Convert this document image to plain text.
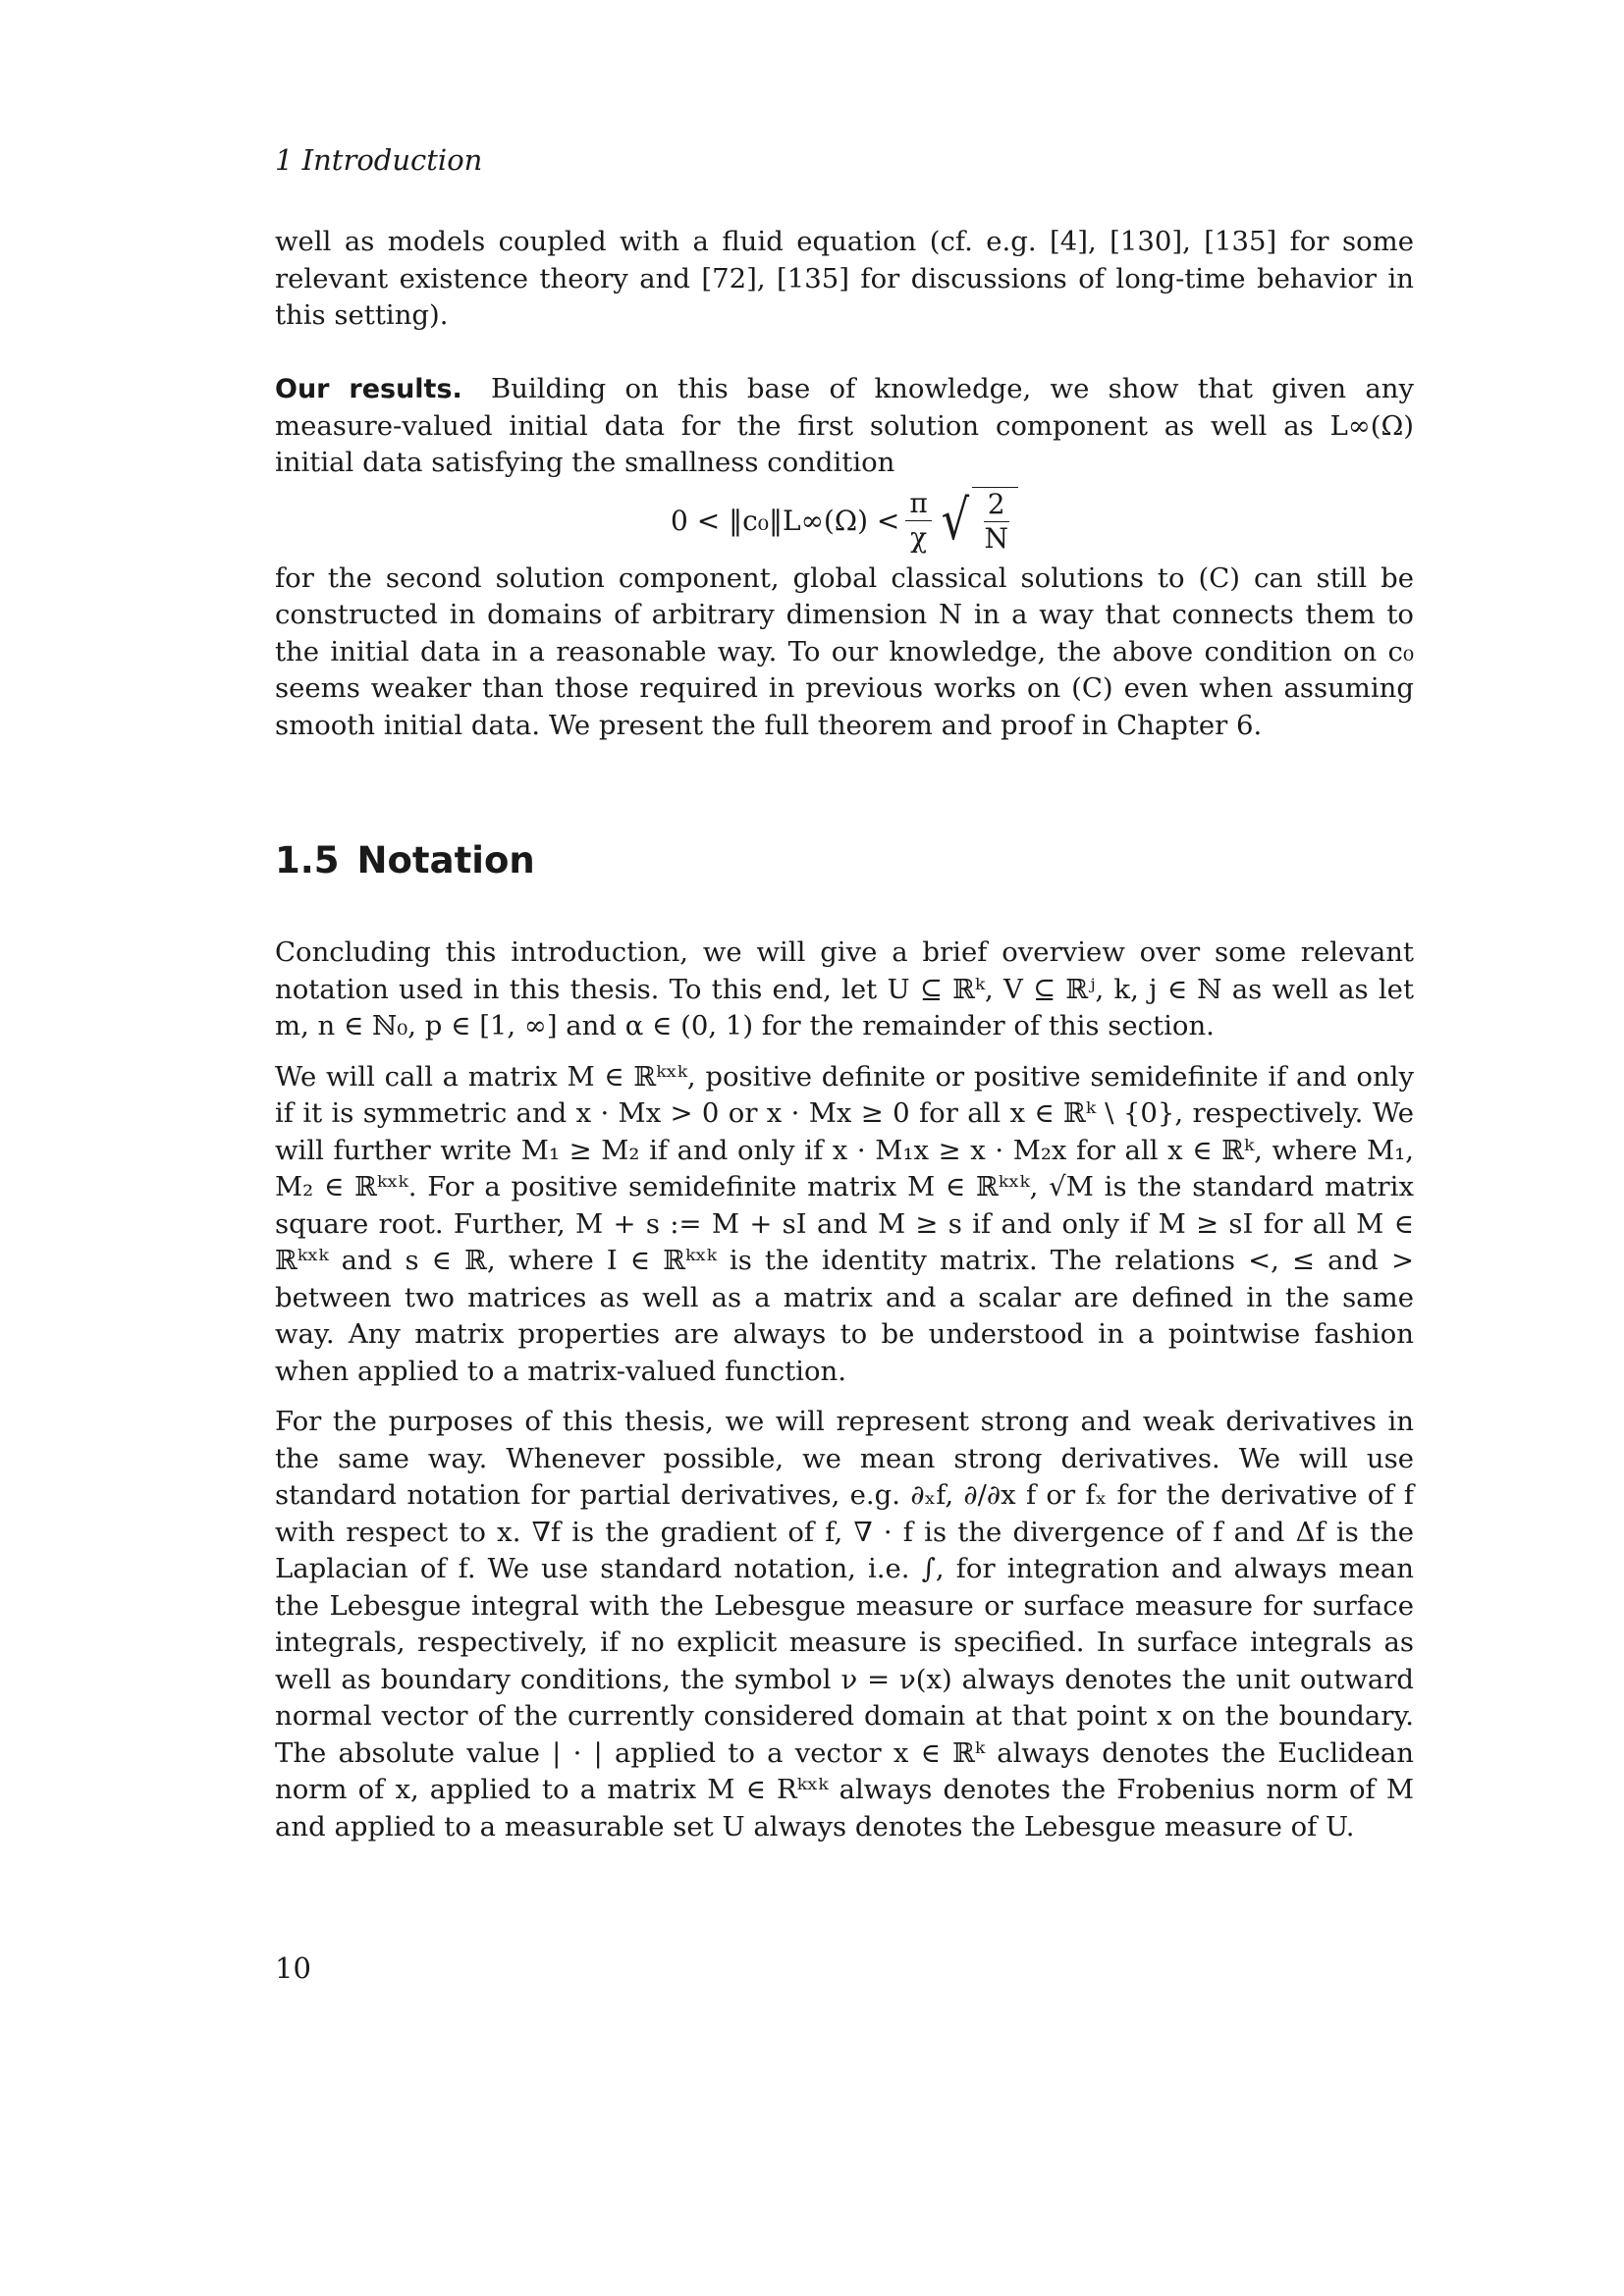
1 Introduction

well as models coupled with a fluid equation (cf. e.g. [4], [130], [135] for some relevant existence theory and [72], [135] for discussions of long-time behavior in this setting).

Our results. Building on this base of knowledge, we show that given any measure-valued initial data for the first solution component as well as L∞(Ω) initial data satisfying the smallness condition

0 < ‖c₀‖L∞(Ω) < $\frac{\pi}{\chi}$ √ $\frac{2}{N}$

for the second solution component, global classical solutions to (C) can still be constructed in domains of arbitrary dimension N in a way that connects them to the initial data in a reasonable way. To our knowledge, the above condition on c₀ seems weaker than those required in previous works on (C) even when assuming smooth initial data. We present the full theorem and proof in Chapter 6.

1.5 Notation

Concluding this introduction, we will give a brief overview over some relevant notation used in this thesis. To this end, let U ⊆ ℝᵏ, V ⊆ ℝʲ, k, j ∈ ℕ as well as let m, n ∈ ℕ₀, p ∈ [1, ∞] and α ∈ (0, 1) for the remainder of this section.

We will call a matrix M ∈ ℝᵏˣᵏ, positive definite or positive semidefinite if and only if it is symmetric and x · Mx > 0 or x · Mx ≥ 0 for all x ∈ ℝᵏ \ {0}, respectively. We will further write M₁ ≥ M₂ if and only if x · M₁x ≥ x · M₂x for all x ∈ ℝᵏ, where M₁, M₂ ∈ ℝᵏˣᵏ. For a positive semidefinite matrix M ∈ ℝᵏˣᵏ, √M is the standard matrix square root. Further, M + s := M + sI and M ≥ s if and only if M ≥ sI for all M ∈ ℝᵏˣᵏ and s ∈ ℝ, where I ∈ ℝᵏˣᵏ is the identity matrix. The relations <, ≤ and > between two matrices as well as a matrix and a scalar are defined in the same way. Any matrix properties are always to be understood in a pointwise fashion when applied to a matrix-valued function.

For the purposes of this thesis, we will represent strong and weak derivatives in the same way. Whenever possible, we mean strong derivatives. We will use standard notation for partial derivatives, e.g. ∂ₓf, ∂/∂x f or fₓ for the derivative of f with respect to x. ∇f is the gradient of f, ∇ · f is the divergence of f and Δf is the Laplacian of f. We use standard notation, i.e. ∫, for integration and always mean the Lebesgue integral with the Lebesgue measure or surface measure for surface integrals, respectively, if no explicit measure is specified. In surface integrals as well as boundary conditions, the symbol ν = ν(x) always denotes the unit outward normal vector of the currently considered domain at that point x on the boundary. The absolute value | · | applied to a vector x ∈ ℝᵏ always denotes the Euclidean norm of x, applied to a matrix M ∈ Rᵏˣᵏ always denotes the Frobenius norm of M and applied to a measurable set U always denotes the Lebesgue measure of U.

10
